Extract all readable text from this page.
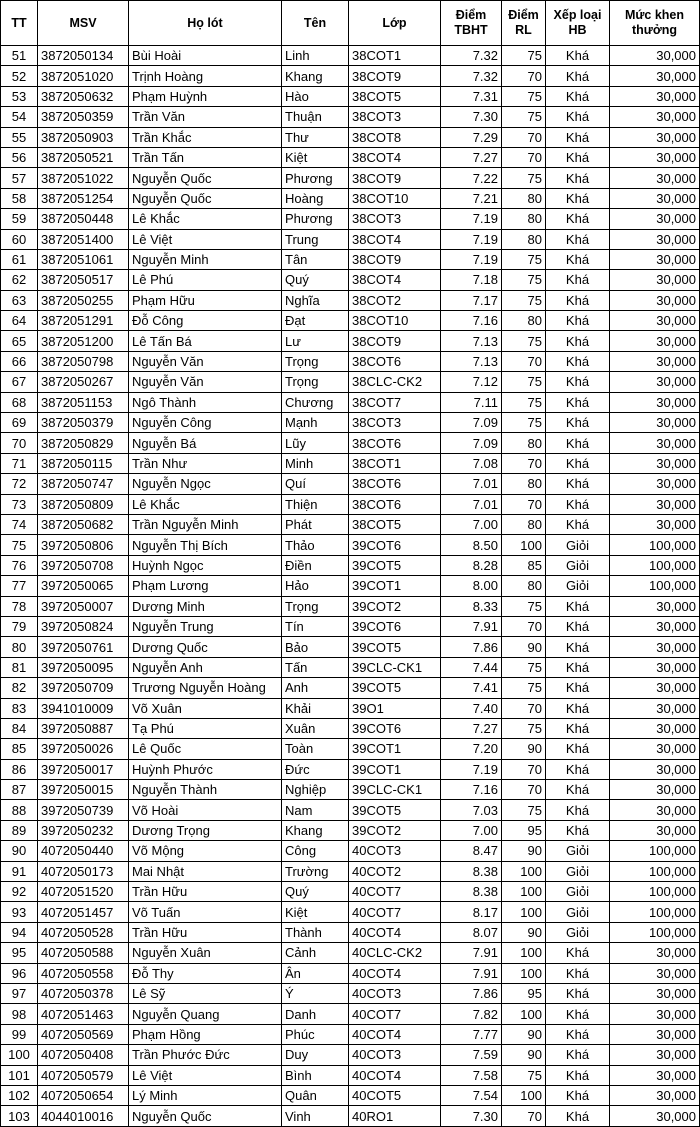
TT	MSV	Họ lót	Tên	Lớp	Điểm TBHT	Điểm RL	Xếp loại HB	Mức khen thưởng
51	3872050134	Bùi Hoài	Linh	38COT1	7.32	75	Khá	30,000
52	3872051020	Trịnh Hoàng	Khang	38COT9	7.32	70	Khá	30,000
53	3872050632	Phạm Huỳnh	Hào	38COT5	7.31	75	Khá	30,000
54	3872050359	Trần Văn	Thuận	38COT3	7.30	75	Khá	30,000
55	3872050903	Trần Khắc	Thư	38COT8	7.29	70	Khá	30,000
56	3872050521	Trần Tấn	Kiệt	38COT4	7.27	70	Khá	30,000
57	3872051022	Nguyễn Quốc	Phương	38COT9	7.22	75	Khá	30,000
58	3872051254	Nguyễn Quốc	Hoàng	38COT10	7.21	80	Khá	30,000
59	3872050448	Lê Khắc	Phương	38COT3	7.19	80	Khá	30,000
60	3872051400	Lê Việt	Trung	38COT4	7.19	80	Khá	30,000
61	3872051061	Nguyễn Minh	Tân	38COT9	7.19	75	Khá	30,000
62	3872050517	Lê Phú	Quý	38COT4	7.18	75	Khá	30,000
63	3872050255	Phạm Hữu	Nghĩa	38COT2	7.17	75	Khá	30,000
64	3872051291	Đỗ Công	Đạt	38COT10	7.16	80	Khá	30,000
65	3872051200	Lê Tấn Bá	Lư	38COT9	7.13	75	Khá	30,000
66	3872050798	Nguyễn Văn	Trọng	38COT6	7.13	70	Khá	30,000
67	3872050267	Nguyễn Văn	Trọng	38CLC-CK2	7.12	75	Khá	30,000
68	3872051153	Ngô Thành	Chương	38COT7	7.11	75	Khá	30,000
69	3872050379	Nguyễn Công	Mạnh	38COT3	7.09	75	Khá	30,000
70	3872050829	Nguyễn Bá	Lũy	38COT6	7.09	80	Khá	30,000
71	3872050115	Trần Như	Minh	38COT1	7.08	70	Khá	30,000
72	3872050747	Nguyễn Ngọc	Quí	38COT6	7.01	80	Khá	30,000
73	3872050809	Lê Khắc	Thiện	38COT6	7.01	70	Khá	30,000
74	3872050682	Trần Nguyễn Minh	Phát	38COT5	7.00	80	Khá	30,000
75	3972050806	Nguyễn Thị Bích	Thảo	39COT6	8.50	100	Giỏi	100,000
76	3972050708	Huỳnh Ngọc	Điền	39COT5	8.28	85	Giỏi	100,000
77	3972050065	Phạm Lương	Hảo	39COT1	8.00	80	Giỏi	100,000
78	3972050007	Dương Minh	Trọng	39COT2	8.33	75	Khá	30,000
79	3972050824	Nguyễn Trung	Tín	39COT6	7.91	70	Khá	30,000
80	3972050761	Dương Quốc	Bảo	39COT5	7.86	90	Khá	30,000
81	3972050095	Nguyễn Anh	Tấn	39CLC-CK1	7.44	75	Khá	30,000
82	3972050709	Trương Nguyễn Hoàng	Anh	39COT5	7.41	75	Khá	30,000
83	3941010009	Võ Xuân	Khải	39O1	7.40	70	Khá	30,000
84	3972050887	Tạ Phú	Xuân	39COT6	7.27	75	Khá	30,000
85	3972050026	Lê Quốc	Toàn	39COT1	7.20	90	Khá	30,000
86	3972050017	Huỳnh Phước	Đức	39COT1	7.19	70	Khá	30,000
87	3972050015	Nguyễn Thành	Nghiệp	39CLC-CK1	7.16	70	Khá	30,000
88	3972050739	Võ Hoài	Nam	39COT5	7.03	75	Khá	30,000
89	3972050232	Dương Trọng	Khang	39COT2	7.00	95	Khá	30,000
90	4072050440	Võ Mộng	Công	40COT3	8.47	90	Giỏi	100,000
91	4072050173	Mai Nhật	Trường	40COT2	8.38	100	Giỏi	100,000
92	4072051520	Trần Hữu	Quý	40COT7	8.38	100	Giỏi	100,000
93	4072051457	Võ Tuấn	Kiệt	40COT7	8.17	100	Giỏi	100,000
94	4072050528	Trần Hữu	Thành	40COT4	8.07	90	Giỏi	100,000
95	4072050588	Nguyễn Xuân	Cảnh	40CLC-CK2	7.91	100	Khá	30,000
96	4072050558	Đỗ Thy	Ân	40COT4	7.91	100	Khá	30,000
97	4072050378	Lê Sỹ	Ý	40COT3	7.86	95	Khá	30,000
98	4072051463	Nguyễn Quang	Danh	40COT7	7.82	100	Khá	30,000
99	4072050569	Phạm Hồng	Phúc	40COT4	7.77	90	Khá	30,000
100	4072050408	Trần Phước Đức	Duy	40COT3	7.59	90	Khá	30,000
101	4072050579	Lê Việt	Bình	40COT4	7.58	75	Khá	30,000
102	4072050654	Lý Minh	Quân	40COT5	7.54	100	Khá	30,000
103	4044010016	Nguyễn Quốc	Vinh	40RO1	7.30	70	Khá	30,000
